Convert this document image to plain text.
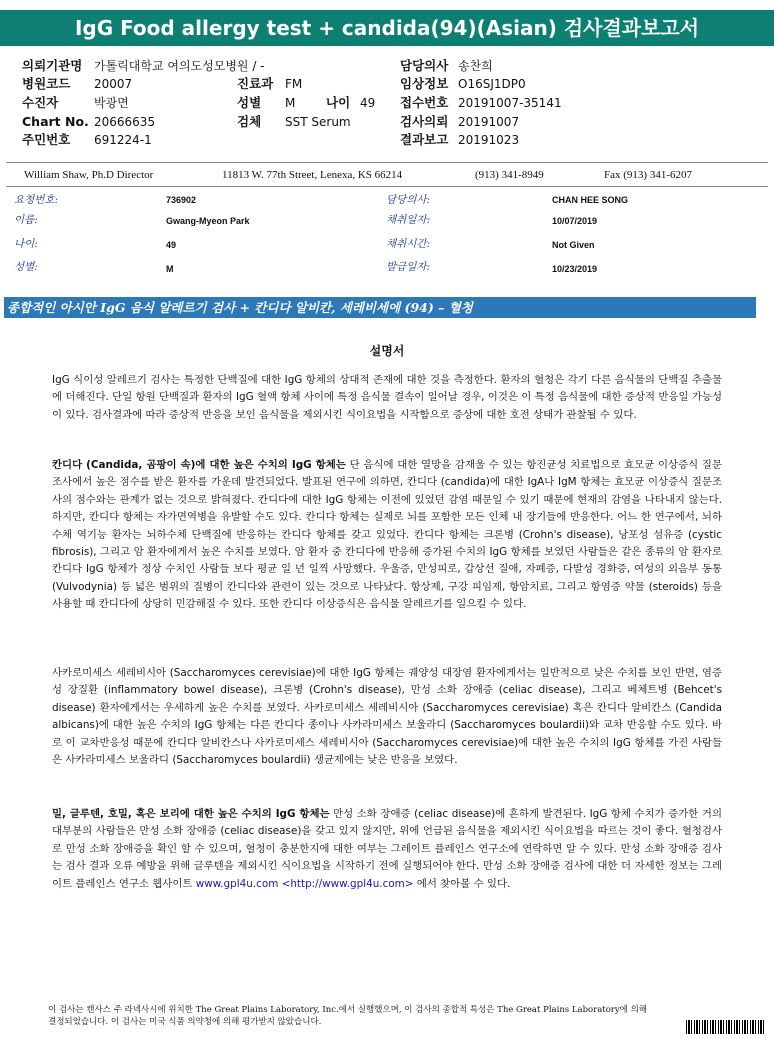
IgG Food allergy test + candida(94)(Asian) 검사결과보고서
의뢰기관명 가톨릭대학교 여의도성모병원 / -
병원코드 20007
수진자	박광면
Chart No. 20666635
주민번호 691224-1
진료과 FM
성별 M 나이 49
검체 SST Serum
담당의사 송찬희
임상정보 O16SJ1DP0
접수번호 20191007-35141
검사의뢰 20191007
결과보고 20191023
William Shaw, Ph.D Director	11813 W. 77th Street, Lenexa, KS 66214	(913) 341-8949	Fax (913) 341-6207
요청번호:	736902
이름:	Gwang-Myeon Park
나이:	49
성별:	M
담당의사:	CHAN HEE SONG
채취일자:	10/07/2019
채취시간:	Not Given
발급일자:	10/23/2019
종합적인 아시안 IgG 음식 알레르기 검사 + 칸디다 알비칸, 세레비세에 (94) – 혈청
설명서
IgG 식이성 알레르기 검사는 특정한 단백질에 대한 IgG 항체의 상대적 존재에 대한 것을 측정한다. 환자의 혈청은 각기 다른 음식물의 단백질 추출물에 더해진다. 단일 항원 단백질과 환자의 IgG 혈액 항체 사이에 특정 음식물 결속이 일어날 경우, 이것은 이 특정 음식물에 대한 증상적 반응일 가능성이 있다. 검사결과에 따라 증상적 반응을 보인 음식물을 제외시킨 식이요법을 시작함으로 증상에 대한 호전 상태가 관찰될 수 있다.
칸디다 (Candida, 곰팡이 속)에 대한 높은 수치의 IgG 항체는 단 음식에 대한 열망을 감재울 수 있는 항진균성 치료법으로 효모균 이상증식 질문조사에서 높은 점수를 받은 환자를 가운데 발견되었다. 발표된 연구에 의하면, 칸디다 (candida)에 대한 IgA나 IgM 항체는 효모균 이상증식 질문조사의 점수와는 관계가 없는 것으로 밝혀졌다. 칸디다에 대한 IgG 항체는 이전에 있었던 감염 때문일 수 있기 때문에 현재의 감염을 나타내지 않는다. 하지만, 칸디다 항체는 자가면역병을 유발할 수도 있다. 칸디다 항체는 실제로 뇌를 포함한 모든 인체 내 장기들에 반응한다. 어느 한 연구에서, 뇌하수체 역기능 환자는 뇌하수체 단백질에 반응하는 칸디다 항체를 갖고 있었다. 칸디다 항체는 크론병 (Crohn's disease), 낭포성 섬유증 (cystic fibrosis), 그리고 암 환자에게서 높은 수치를 보였다. 암 환자 중 칸디다에 반응해 증가된 수치의 IgG 항체를 보였던 사람들은 같은 종류의 암 환자로 칸디다 IgG 항체가 정상 수치인 사람들 보다 평균 일 년 일찍 사망했다. 우울증, 만성피로, 갑상선 질애, 자폐증, 다발성 경화증, 여성의 외음부 동통 (Vulvodynia) 등 넓은 범위의 질병이 칸디다와 관련이 있는 것으로 나타났다. 항상제, 구강 피임제, 항암치료, 그리고 항염증 약물 (steroids) 등을 사용할 때 칸디다에 상당히 민감해질 수 있다. 또한 칸디다 이상증식은 음식물 알레르기를 일으킬 수 있다.
사카로미세스 세레비시아 (Saccharomyces cerevisiae)에 대한 IgG 항체는 궤양성 대장염 환자에게서는 일반적으로 낮은 수치를 보인 반면, 염증성 장질환 (inflammatory bowel disease), 크론병 (Crohn's disease), 만성 소화 장애증 (celiac disease), 그리고 베체트병 (Behcet's disease) 환자에게서는 우세하게 높은 수치를 보였다. 사카로미세스 세레비시아 (Saccharomyces cerevisiae) 혹은 칸디다 알비칸스 (Candida albicans)에 대한 높은 수치의 IgG 항체는 다른 칸디다 종이나 사카라미세스 보울라디 (Saccharomyces boulardii)와 교차 반응할 수도 있다. 바로 이 교차반응성 때문에 칸디다 알비칸스나 사카로미세스 세레비시아 (Saccharomyces cerevisiae)에 대한 높은 수치의 IgG 항체를 가진 사람들은 사카라미세스 보울라디 (Saccharomyces boulardii) 생균제에는 낮은 반응을 보였다.
밀, 글루텐, 호밀, 혹은 보리에 대한 높은 수치의 IgG 항체는 만성 소화 장애증 (celiac disease)에 흔하게 발견된다. IgG 항체 수치가 증가한 거의 대부분의 사람들은 만성 소화 장애증 (celiac disease)을 갖고 있지 않지만, 위에 언급된 음식물을 제외시킨 식이요법을 따르는 것이 좋다. 혈청검사로 만성 소화 장애증을 확인 할 수 있으며, 혈청이 충분한지에 대한 여부는 그레이트 플레인스 연구소에 연락하면 알 수 있다. 만성 소화 장애증 검사는 검사 결과 오류 예방을 위해 글루텐을 제외시킨 식이요법을 시작하기 전에 실행되어야 한다. 만성 소화 장애증 검사에 대한 더 자세한 정보는 그레이트 플레인스 연구소 웹사이트 www.gpl4u.com <http://www.gpl4u.com> 에서 찾아볼 수 있다.
이 검사는 캔사스 주 라넥사시에 위치한 The Great Plains Laboratory, Inc.에서 실행했으며, 이 검사의 종합적 특성은 The Great Plains Laboratory에 의해 결정되었습니다. 이 검사는 미국 식품 의약청에 의해 평가받지 않았습니다.
